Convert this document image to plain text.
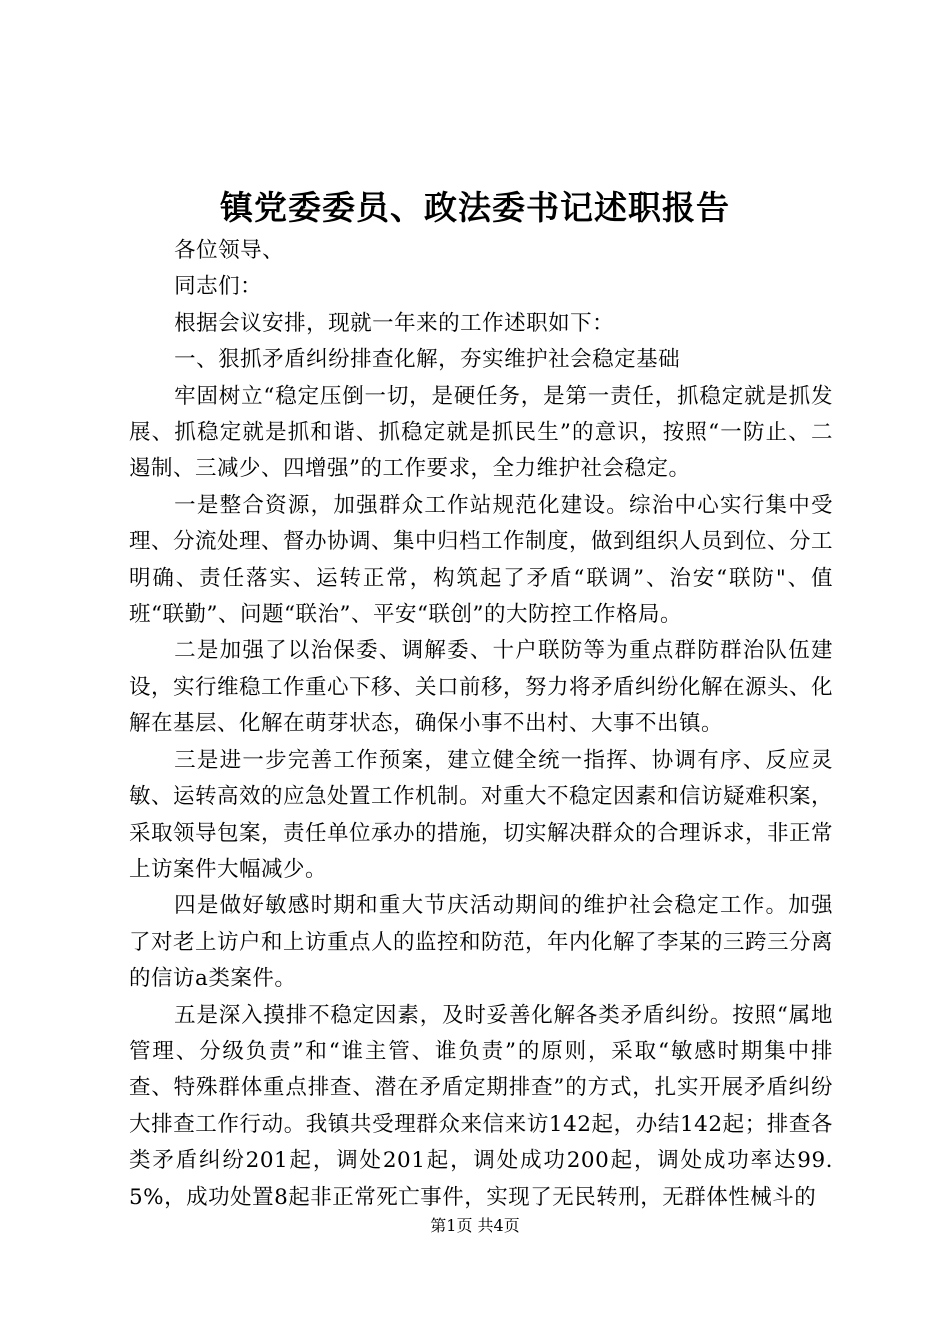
镇党委委员、政法委书记述职报告

各位领导、

同志们：

根据会议安排，现就一年来的工作述职如下：

一、狠抓矛盾纠纷排查化解，夯实维护社会稳定基础

牢固树立“稳定压倒一切，是硬任务，是第一责任，抓稳定就是抓发展、抓稳定就是抓和谐、抓稳定就是抓民生”的意识，按照“一防止、二遏制、三减少、四增强”的工作要求，全力维护社会稳定。

一是整合资源，加强群众工作站规范化建设。综治中心实行集中受理、分流处理、督办协调、集中归档工作制度，做到组织人员到位、分工明确、责任落实、运转正常，构筑起了矛盾“联调”、治安“联防"、值班“联勤”、问题“联治”、平安“联创”的大防控工作格局。

二是加强了以治保委、调解委、十户联防等为重点群防群治队伍建设，实行维稳工作重心下移、关口前移，努力将矛盾纠纷化解在源头、化解在基层、化解在萌芽状态，确保小事不出村、大事不出镇。

三是进一步完善工作预案，建立健全统一指挥、协调有序、反应灵敏、运转高效的应急处置工作机制。对重大不稳定因素和信访疑难积案，采取领导包案，责任单位承办的措施，切实解决群众的合理诉求，非正常上访案件大幅减少。

四是做好敏感时期和重大节庆活动期间的维护社会稳定工作。加强了对老上访户和上访重点人的监控和防范，年内化解了李某的三跨三分离的信访a类案件。

五是深入摸排不稳定因素，及时妥善化解各类矛盾纠纷。按照“属地管理、分级负责”和“谁主管、谁负责”的原则，采取“敏感时期集中排查、特殊群体重点排查、潜在矛盾定期排查”的方式，扎实开展矛盾纠纷大排查工作行动。我镇共受理群众来信来访142起，办结142起；排查各类矛盾纠纷201起，调处201起，调处成功200起，调处成功率达99.5%，成功处置8起非正常死亡事件，实现了无民转刑，无群体性械斗的

第1页 共4页
